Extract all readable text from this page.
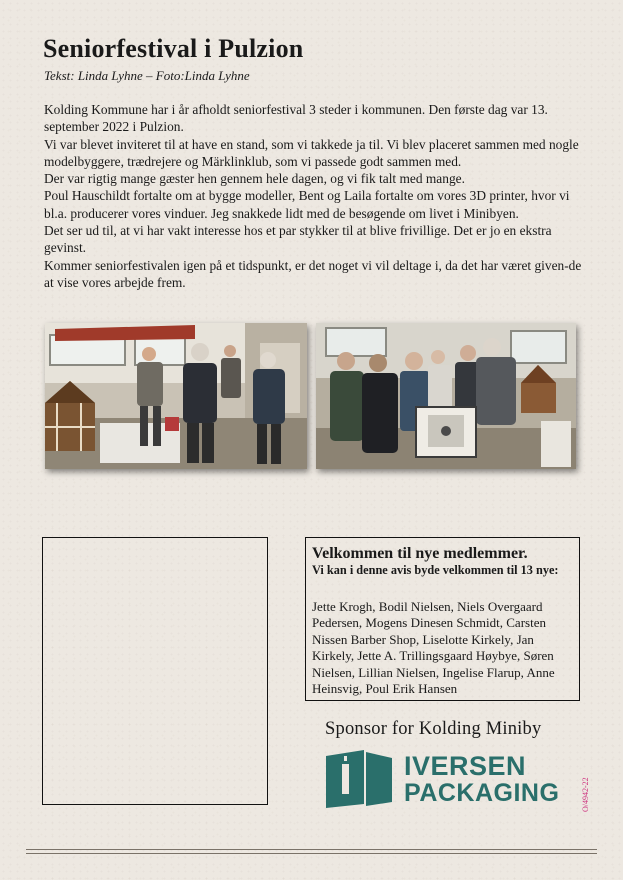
Seniorfestival i Pulzion
Tekst: Linda Lyhne – Foto:Linda Lyhne

Kolding Kommune har i år afholdt seniorfestival 3 steder i kommunen. Den første dag var 13. september 2022 i Pulzion.

Vi var blevet inviteret til at have en stand, som vi takkede ja til. Vi blev placeret sammen med nogle modelbyggere, trædrejere og Märklinklub, som vi passede godt sammen med.

Der var rigtig mange gæster hen gennem hele dagen, og vi fik talt med mange.

Poul Hauschildt fortalte om at bygge modeller, Bent og Laila fortalte om vores 3D printer, hvor vi bl.a. producerer vores vinduer. Jeg snakkede lidt med de besøgende om livet i Minibyen.

Det ser ud til, at vi har vakt interesse hos et par stykker til at blive frivillige. Det er jo en ekstra gevinst.

Kommer seniorfestivalen igen på et tidspunkt, er det noget vi vil deltage i, da det har været given-de at vise vores arbejde frem.

Velkommen til nye medlemmer.

Vi kan i denne avis byde velkommen til 13 nye:

Jette Krogh, Bodil Nielsen, Niels Overgaard Pedersen, Mogens Dinesen Schmidt, Carsten Nissen Barber Shop, Liselotte Kirkely, Jan Kirkely, Jette A. Trillingsgaard Høybye, Søren Nielsen, Lillian Nielsen, Ingelise Flarup, Anne Heinsvig, Poul Erik Hansen

Sponsor for Kolding Miniby
IVERSEN
PACKAGING	O/4942-22
